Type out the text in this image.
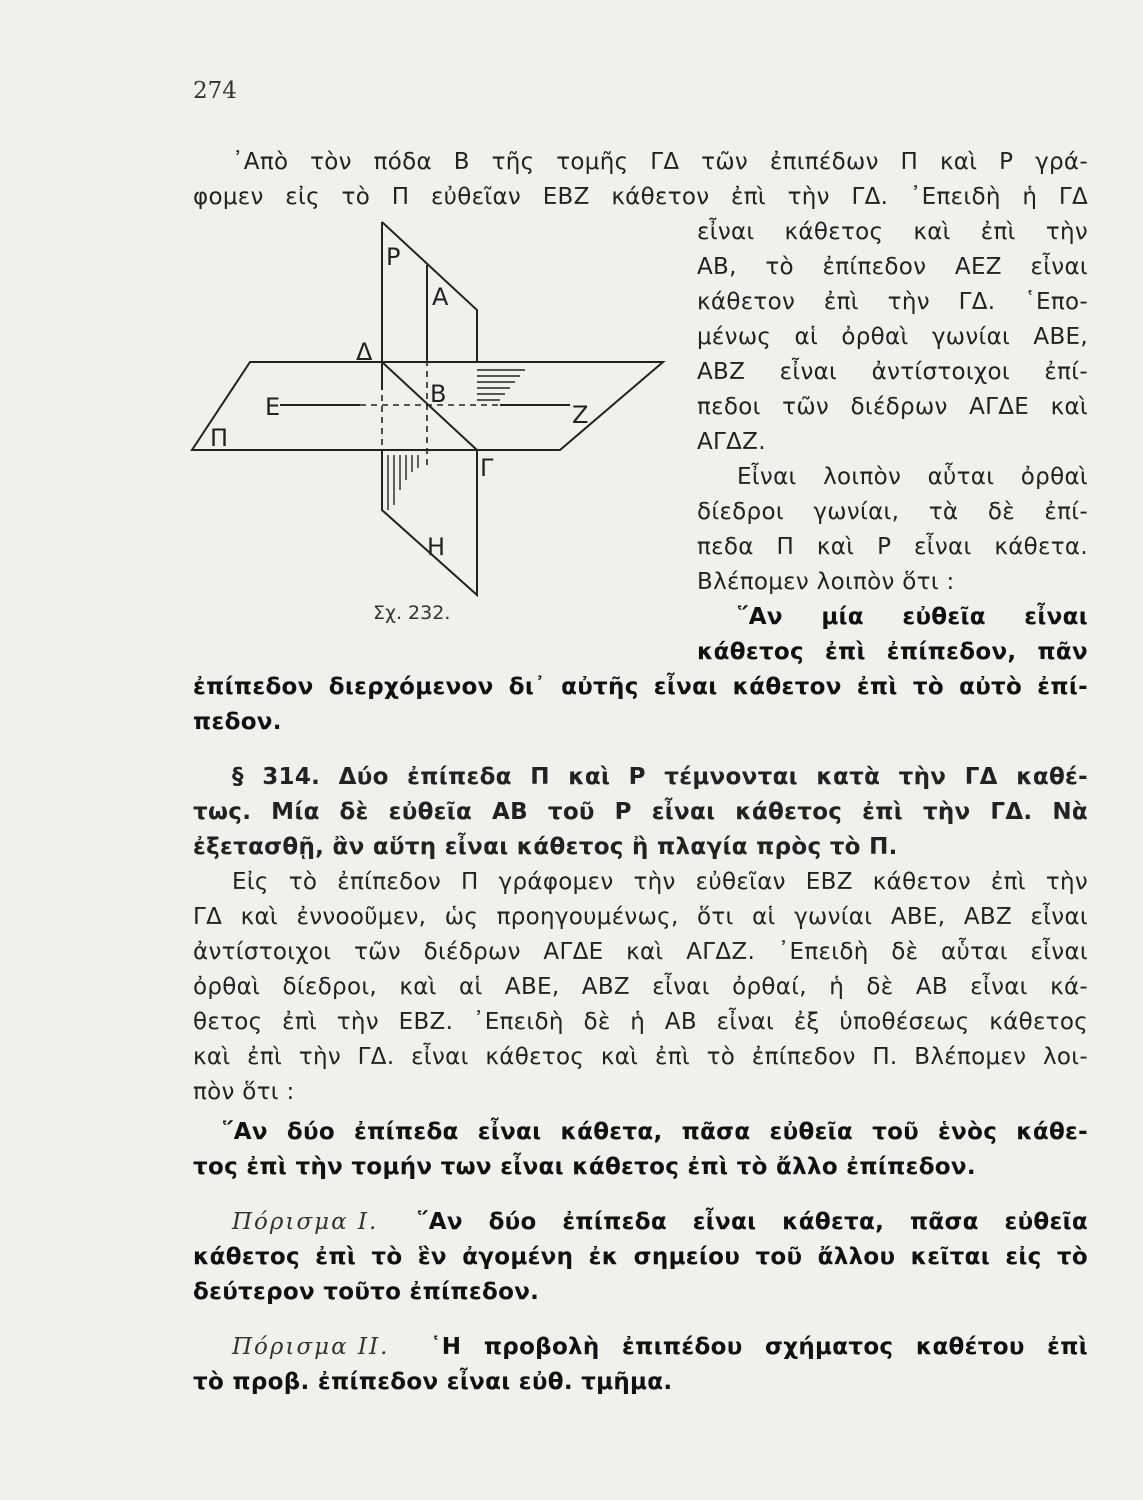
274
᾿Απὸ τὸν πόδα Β τῆς τομῆς ΓΔ τῶν ἐπιπέδων Π καὶ Ρ γρά-
φομεν εἰς τὸ Π εὐθεῖαν ΕΒΖ κάθετον ἐπὶ τὴν ΓΔ. ᾿Επειδὴ ἡ ΓΔ
εἶναι κάθετος καὶ ἐπὶ τὴν
ΑΒ, τὸ ἐπίπεδον ΑΕΖ εἶναι
κάθετον ἐπὶ τὴν ΓΔ. ῾Επο-
μένως αἱ ὀρθαὶ γωνίαι ΑΒΕ,
ΑΒΖ εἶναι ἀντίστοιχοι ἐπί-
πεδοι τῶν διέδρων ΑΓΔΕ καὶ
ΑΓΔΖ.
Εἶναι λοιπὸν αὗται ὀρθαὶ
δίεδροι γωνίαι, τὰ δὲ ἐπί-
πεδα Π καὶ Ρ εἶναι κάθετα.
Βλέπομεν λοιπὸν ὅτι :
῞Αν μία εὐθεῖα εἶναι
κάθετος ἐπὶ ἐπίπεδον, πᾶν
ἐπίπεδον διερχόμενον δι᾿ αὐτῆς εἶναι κάθετον ἐπὶ τὸ αὐτὸ ἐπί-
πεδον.
Ρ
Α
Δ
Β
Ε	Ζ
Π
Γ
Η
Σχ. 232.
§ 314. Δύο ἐπίπεδα Π καὶ Ρ τέμνονται κατὰ τὴν ΓΔ καθέ-
τως. Μία δὲ εὐθεῖα ΑΒ τοῦ Ρ εἶναι κάθετος ἐπὶ τὴν ΓΔ. Νὰ
ἐξετασθῇ, ἂν αὕτη εἶναι κάθετος ἢ πλαγία πρὸς τὸ Π.
Εἰς τὸ ἐπίπεδον Π γράφομεν τὴν εὐθεῖαν ΕΒΖ κάθετον ἐπὶ τὴν
ΓΔ καὶ ἐννοοῦμεν, ὡς προηγουμένως, ὅτι αἱ γωνίαι ΑΒΕ, ΑΒΖ εἶναι
ἀντίστοιχοι τῶν διέδρων ΑΓΔΕ καὶ ΑΓΔΖ. ᾿Επειδὴ δὲ αὗται εἶναι
ὀρθαὶ δίεδροι, καὶ αἱ ΑΒΕ, ΑΒΖ εἶναι ὀρθαί, ἡ δὲ ΑΒ εἶναι κά-
θετος ἐπὶ τὴν ΕΒΖ. ᾿Επειδὴ δὲ ἡ ΑΒ εἶναι ἐξ ὑποθέσεως κάθετος
καὶ ἐπὶ τὴν ΓΔ. εἶναι κάθετος καὶ ἐπὶ τὸ ἐπίπεδον Π. Βλέπομεν λοι-
πὸν ὅτι :
῞Αν δύο ἐπίπεδα εἶναι κάθετα, πᾶσα εὐθεῖα τοῦ ἑνὸς κάθε-
τος ἐπὶ τὴν τομήν των εἶναι κάθετος ἐπὶ τὸ ἄλλο ἐπίπεδον.
Πόρισμα I. ῞Αν δύο ἐπίπεδα εἶναι κάθετα, πᾶσα εὐθεῖα
κάθετος ἐπὶ τὸ ἓν ἀγομένη ἐκ σημείου τοῦ ἄλλου κεῖται εἰς τὸ
δεύτερον τοῦτο ἐπίπεδον.
Πόρισμα II. ῾Η προβολὴ ἐπιπέδου σχήματος καθέτου ἐπὶ
τὸ προβ. ἐπίπεδον εἶναι εὐθ. τμῆμα.
